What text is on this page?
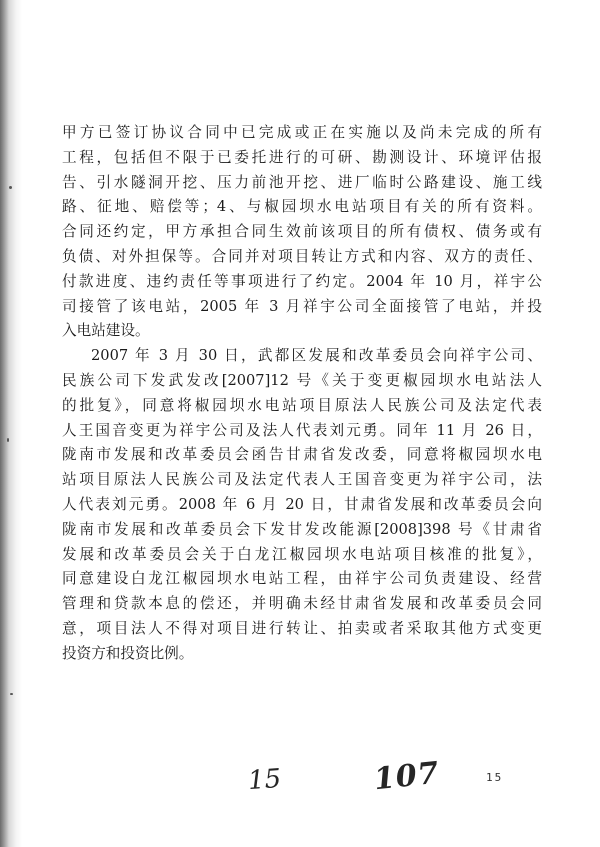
甲方已签订协议合同中已完成或正在实施以及尚未完成的所有
工程，包括但不限于已委托进行的可研、勘测设计、环境评估报
告、引水隧洞开挖、压力前池开挖、进厂临时公路建设、施工线
路、征地、赔偿等；4、与椒园坝水电站项目有关的所有资料。
合同还约定，甲方承担合同生效前该项目的所有债权、债务或有
负债、对外担保等。合同并对项目转让方式和内容、双方的责任、
付款进度、违约责任等事项进行了约定。2004 年 10 月，祥宇公
司接管了该电站，2005 年 3 月祥宇公司全面接管了电站，并投
入电站建设。
2007 年 3 月 30 日，武都区发展和改革委员会向祥宇公司、
民族公司下发武发改[2007]12 号《关于变更椒园坝水电站法人
的批复》，同意将椒园坝水电站项目原法人民族公司及法定代表
人王国音变更为祥宇公司及法人代表刘元勇。同年 11 月 26 日，
陇南市发展和改革委员会函告甘肃省发改委，同意将椒园坝水电
站项目原法人民族公司及法定代表人王国音变更为祥宇公司，法
人代表刘元勇。2008 年 6 月 20 日，甘肃省发展和改革委员会向
陇南市发展和改革委员会下发甘发改能源[2008]398 号《甘肃省
发展和改革委员会关于白龙江椒园坝水电站项目核准的批复》，
同意建设白龙江椒园坝水电站工程，由祥宇公司负责建设、经营
管理和贷款本息的偿还，并明确未经甘肃省发展和改革委员会同
意，项目法人不得对项目进行转让、拍卖或者采取其他方式变更
投资方和投资比例。
15	107	15
